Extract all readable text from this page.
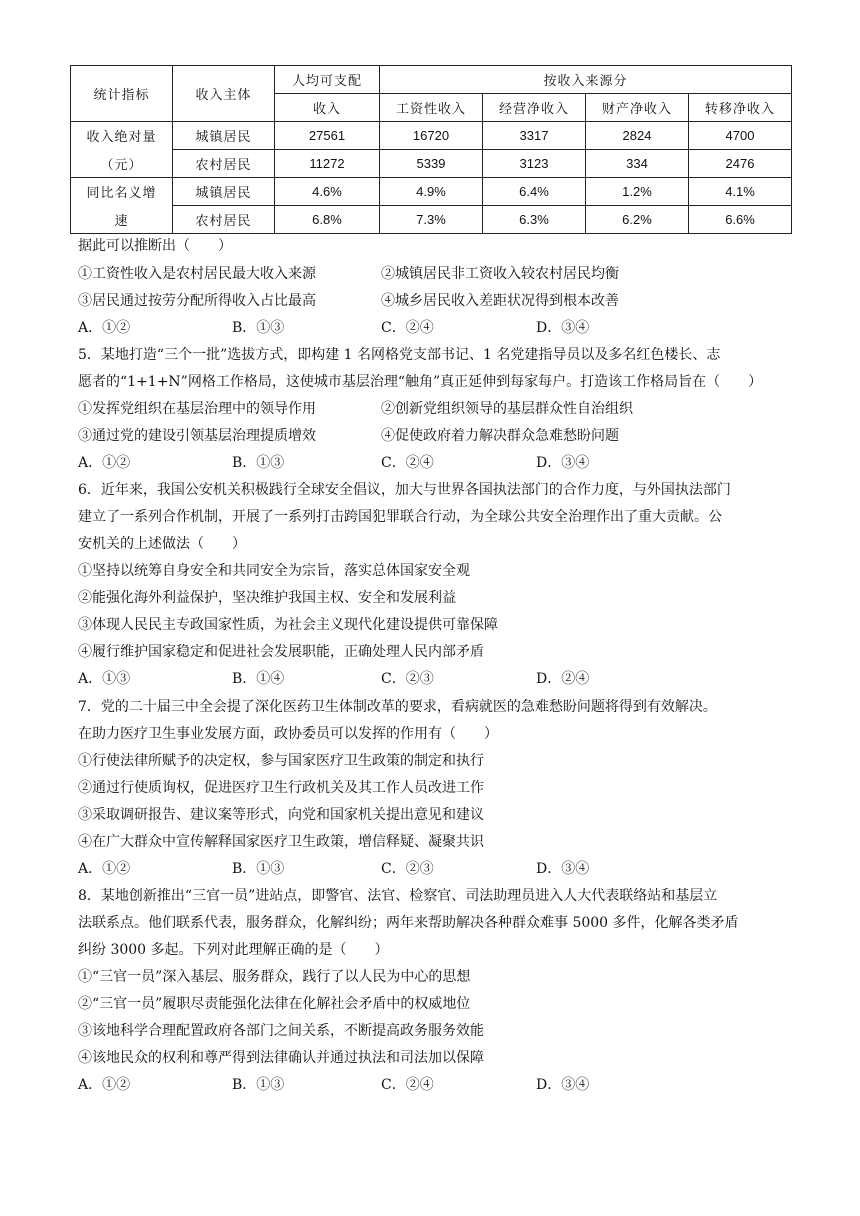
统计指标	收入主体	人均可支配	按收入来源分			
		收入	工资性收入	经营净收入	财产净收入	转移净收入
收入绝对量	城镇居民	27561	16720	3317	2824	4700
（元）	农村居民	11272	5339	3123	334	2476
同比名义增	城镇居民	4.6%	4.9%	6.4%	1.2%	4.1%
速	农村居民	6.8%	7.3%	6.3%	6.2%	6.6%
据此可以推断出（　　）
①工资性收入是农村居民最大收入来源	②城镇居民非工资收入较农村居民均衡
③居民通过按劳分配所得收入占比最高	④城乡居民收入差距状况得到根本改善
A．①②	B．①③	C．②④	D．③④
5．某地打造“三个一批”选拔方式，即构建 1 名网格党支部书记、1 名党建指导员以及多名红色楼长、志
愿者的“1+1+N”网格工作格局，这使城市基层治理“触角”真正延伸到每家每户。打造该工作格局旨在（　　）
①发挥党组织在基层治理中的领导作用	②创新党组织领导的基层群众性自治组织
③通过党的建设引领基层治理提质增效	④促使政府着力解决群众急难愁盼问题
A．①②	B．①③	C．②④	D．③④
6．近年来，我国公安机关积极践行全球安全倡议，加大与世界各国执法部门的合作力度，与外国执法部门
建立了一系列合作机制，开展了一系列打击跨国犯罪联合行动，为全球公共安全治理作出了重大贡献。公
安机关的上述做法（　　）
①坚持以统筹自身安全和共同安全为宗旨，落实总体国家安全观
②能强化海外利益保护，坚决维护我国主权、安全和发展利益
③体现人民民主专政国家性质，为社会主义现代化建设提供可靠保障
④履行维护国家稳定和促进社会发展职能，正确处理人民内部矛盾
A．①③	B．①④	C．②③	D．②④
7．党的二十届三中全会提了深化医药卫生体制改革的要求，看病就医的急难愁盼问题将得到有效解决。
在助力医疗卫生事业发展方面，政协委员可以发挥的作用有（　　）
①行使法律所赋予的决定权，参与国家医疗卫生政策的制定和执行
②通过行使质询权，促进医疗卫生行政机关及其工作人员改进工作
③采取调研报告、建议案等形式，向党和国家机关提出意见和建议
④在广大群众中宣传解释国家医疗卫生政策，增信释疑、凝聚共识
A．①②	B．①③	C．②③	D．③④
8．某地创新推出“三官一员”进站点，即警官、法官、检察官、司法助理员进入人大代表联络站和基层立
法联系点。他们联系代表，服务群众，化解纠纷；两年来帮助解决各种群众难事 5000 多件，化解各类矛盾
纠纷 3000 多起。下列对此理解正确的是（　　）
①“三官一员”深入基层、服务群众，践行了以人民为中心的思想
②“三官一员”履职尽责能强化法律在化解社会矛盾中的权威地位
③该地科学合理配置政府各部门之间关系，不断提高政务服务效能
④该地民众的权利和尊严得到法律确认并通过执法和司法加以保障
A．①②	B．①③	C．②④	D．③④
